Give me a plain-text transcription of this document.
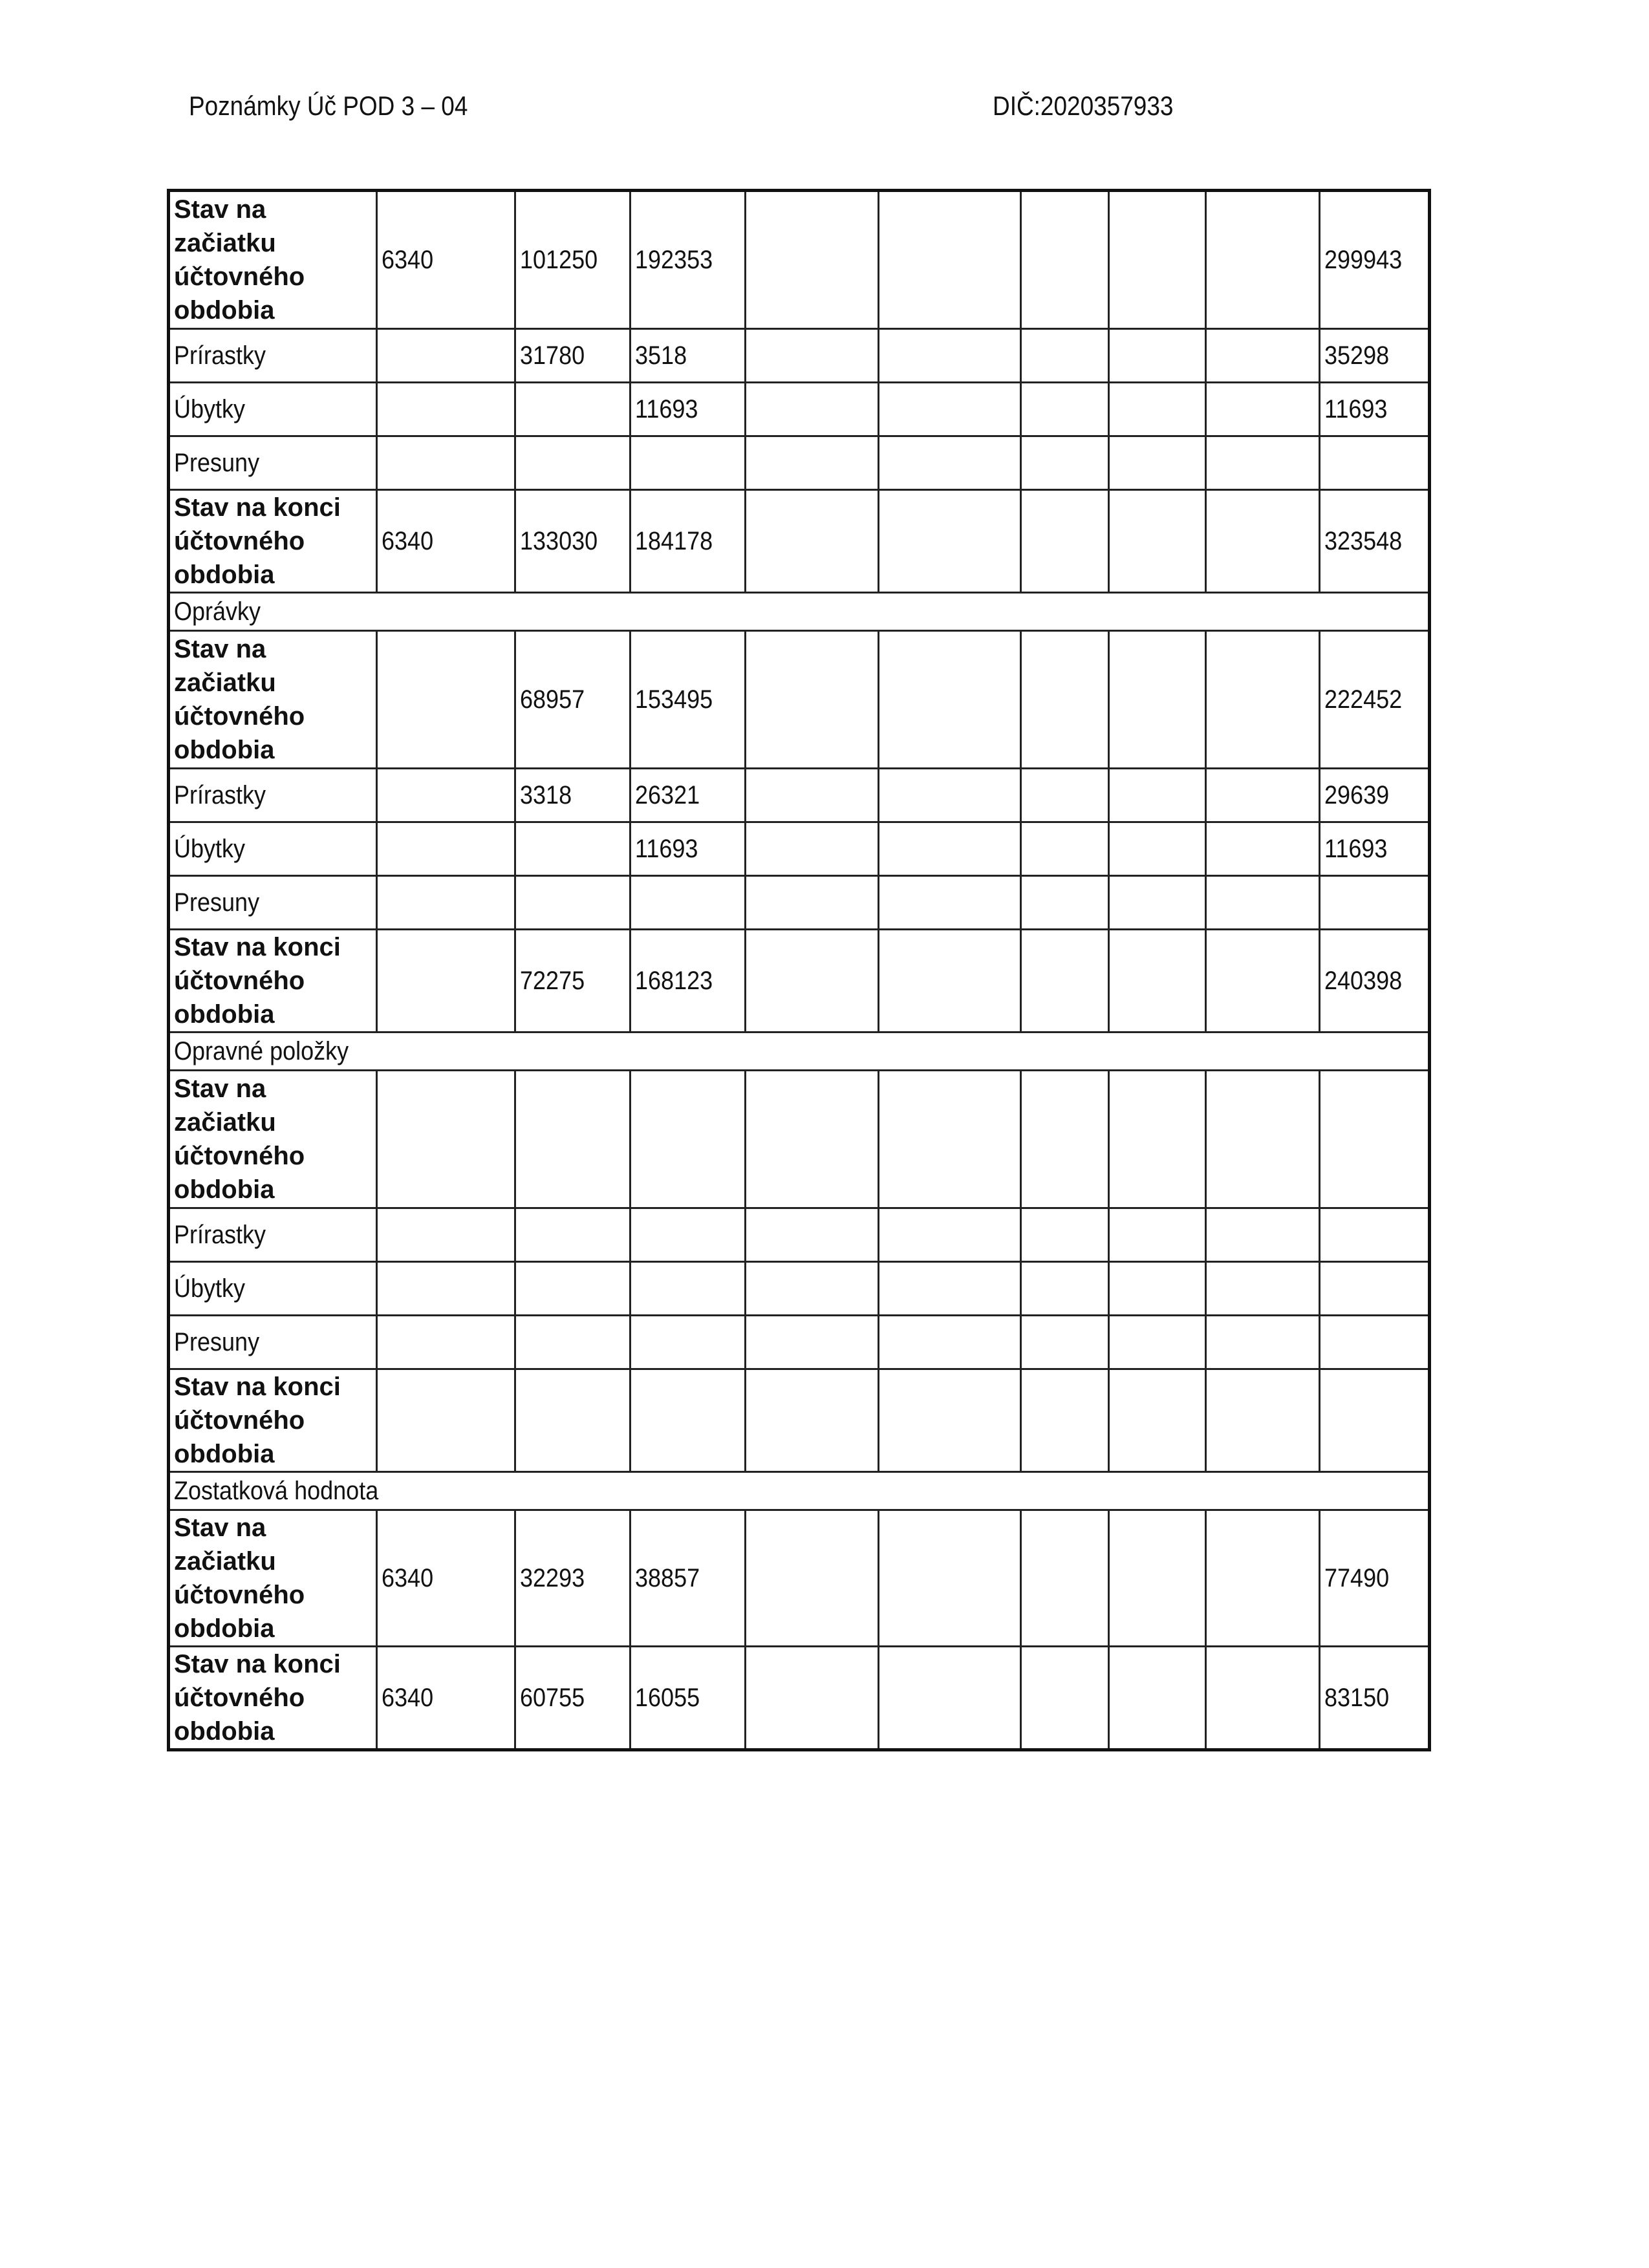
Poznámky Úč POD 3 – 04	DIČ:2020357933
Stav na začiatku účtovného obdobia	6340	101250	192353						299943
Prírastky		31780	3518						35298
Úbytky			11693						11693
Presuny									

Stav na konci účtovného obdobia	6340	133030	184178						323548
Oprávky									

Stav na začiatku účtovného obdobia		68957	153495						222452
Prírastky		3318	26321						29639
Úbytky			11693						11693
Presuny									

Stav na konci účtovného obdobia		72275	168123						240398
Opravné položky									

Stav na začiatku účtovného obdobia									

Prírastky									
Úbytky									
Presuny									

Stav na konci účtovného obdobia									

Zostatková hodnota									

Stav na začiatku účtovného obdobia	6340	32293	38857						77490

Stav na konci účtovného obdobia	6340	60755	16055						83150
